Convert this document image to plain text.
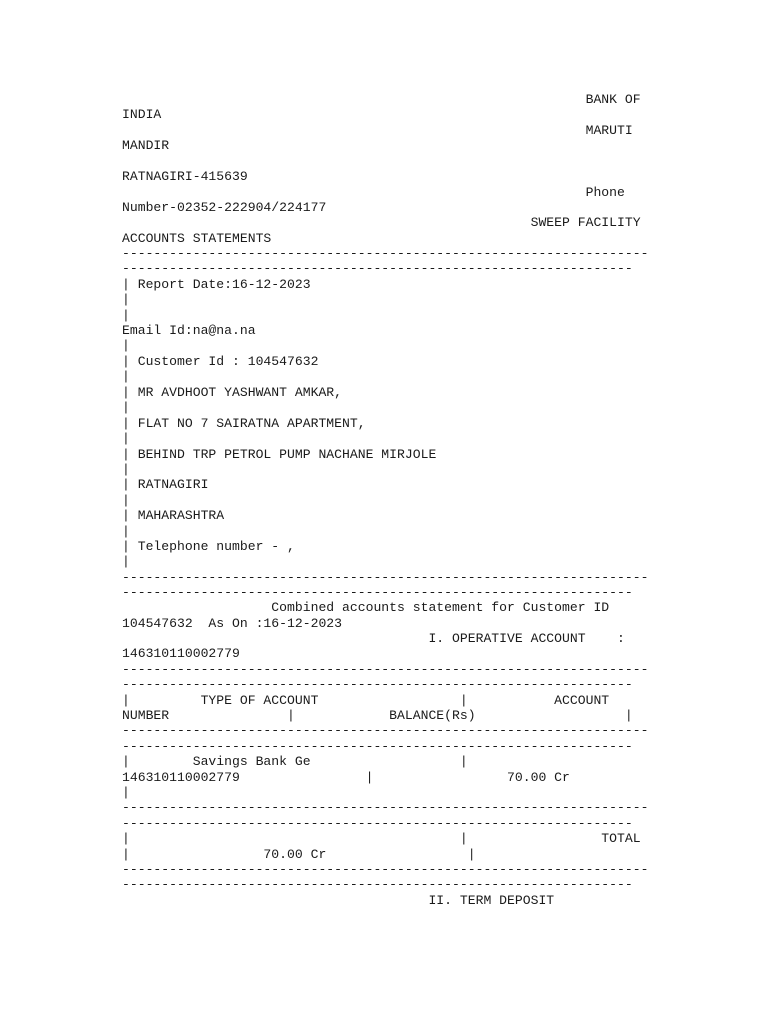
BANK OF
INDIA
MARUTI
MANDIR
RATNAGIRI-415639
Phone
Number-02352-222904/224177
SWEEP FACILITY
ACCOUNTS STATEMENTS
-------------------------------------------------------------------
-----------------------------------------------------------------
| Report Date:16-12-2023
|
|
Email Id:na@na.na
|
| Customer Id : 104547632
|
| MR AVDHOOT YASHWANT AMKAR,
|
| FLAT NO 7 SAIRATNA APARTMENT,
|
| BEHIND TRP PETROL PUMP NACHANE MIRJOLE
|
| RATNAGIRI
|
| MAHARASHTRA
|
| Telephone number - ,
|
-------------------------------------------------------------------
-----------------------------------------------------------------
Combined accounts statement for Customer ID
104547632  As On :16-12-2023
I. OPERATIVE ACCOUNT    :
146310110002779
-------------------------------------------------------------------
-----------------------------------------------------------------
|         TYPE OF ACCOUNT                  |           ACCOUNT
NUMBER               |            BALANCE(Rs)                   |
-------------------------------------------------------------------
-----------------------------------------------------------------
|        Savings Bank Ge                   |
146310110002779                |                 70.00 Cr
|
-------------------------------------------------------------------
-----------------------------------------------------------------
|                                          |                 TOTAL
|                 70.00 Cr                  |
-------------------------------------------------------------------
-----------------------------------------------------------------
II. TERM DEPOSIT
